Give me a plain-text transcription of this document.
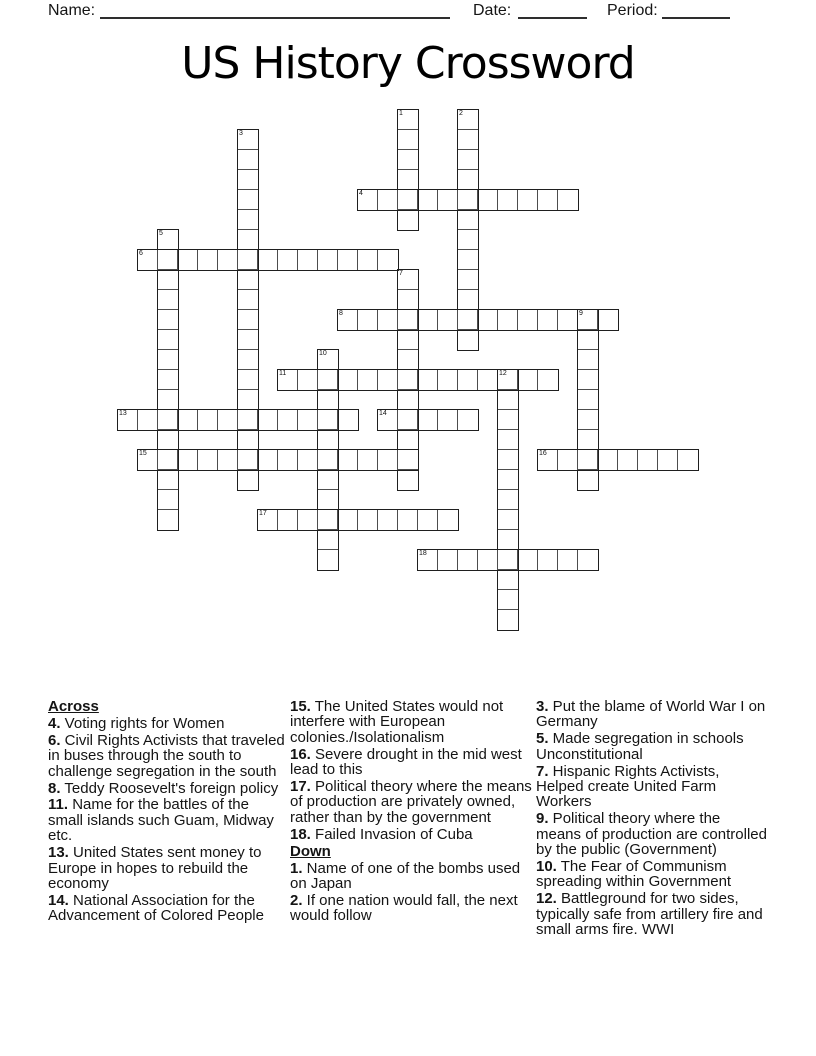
Name:	Date:	Period:
US History Crossword
1	2
3
4
5
6
7
8	9
10
11	12
13	14
15	16
17
18

Across

4. Voting rights for Women

6. Civil Rights Activists that traveled in buses through the south to challenge segregation in the south

8. Teddy Roosevelt's foreign policy

11. Name for the battles of the small islands such Guam, Midway etc.

13. United States sent money to Europe in hopes to rebuild the economy

14. National Association for the Advancement of Colored People

15. The United States would not interfere with European colonies./Isolationalism

16. Severe drought in the mid west lead to this

17. Political theory where the means of production are privately owned, rather than by the government

18. Failed Invasion of Cuba

Down

1. Name of one of the bombs used on Japan

2. If one nation would fall, the next would follow

3. Put the blame of World War I on Germany

5. Made segregation in schools Unconstitutional

7. Hispanic Rights Activists, Helped create United Farm Workers

9. Political theory where the means of production are controlled by the public (Government)

10. The Fear of Communism spreading within Government

12. Battleground for two sides, typically safe from artillery fire and small arms fire. WWI
